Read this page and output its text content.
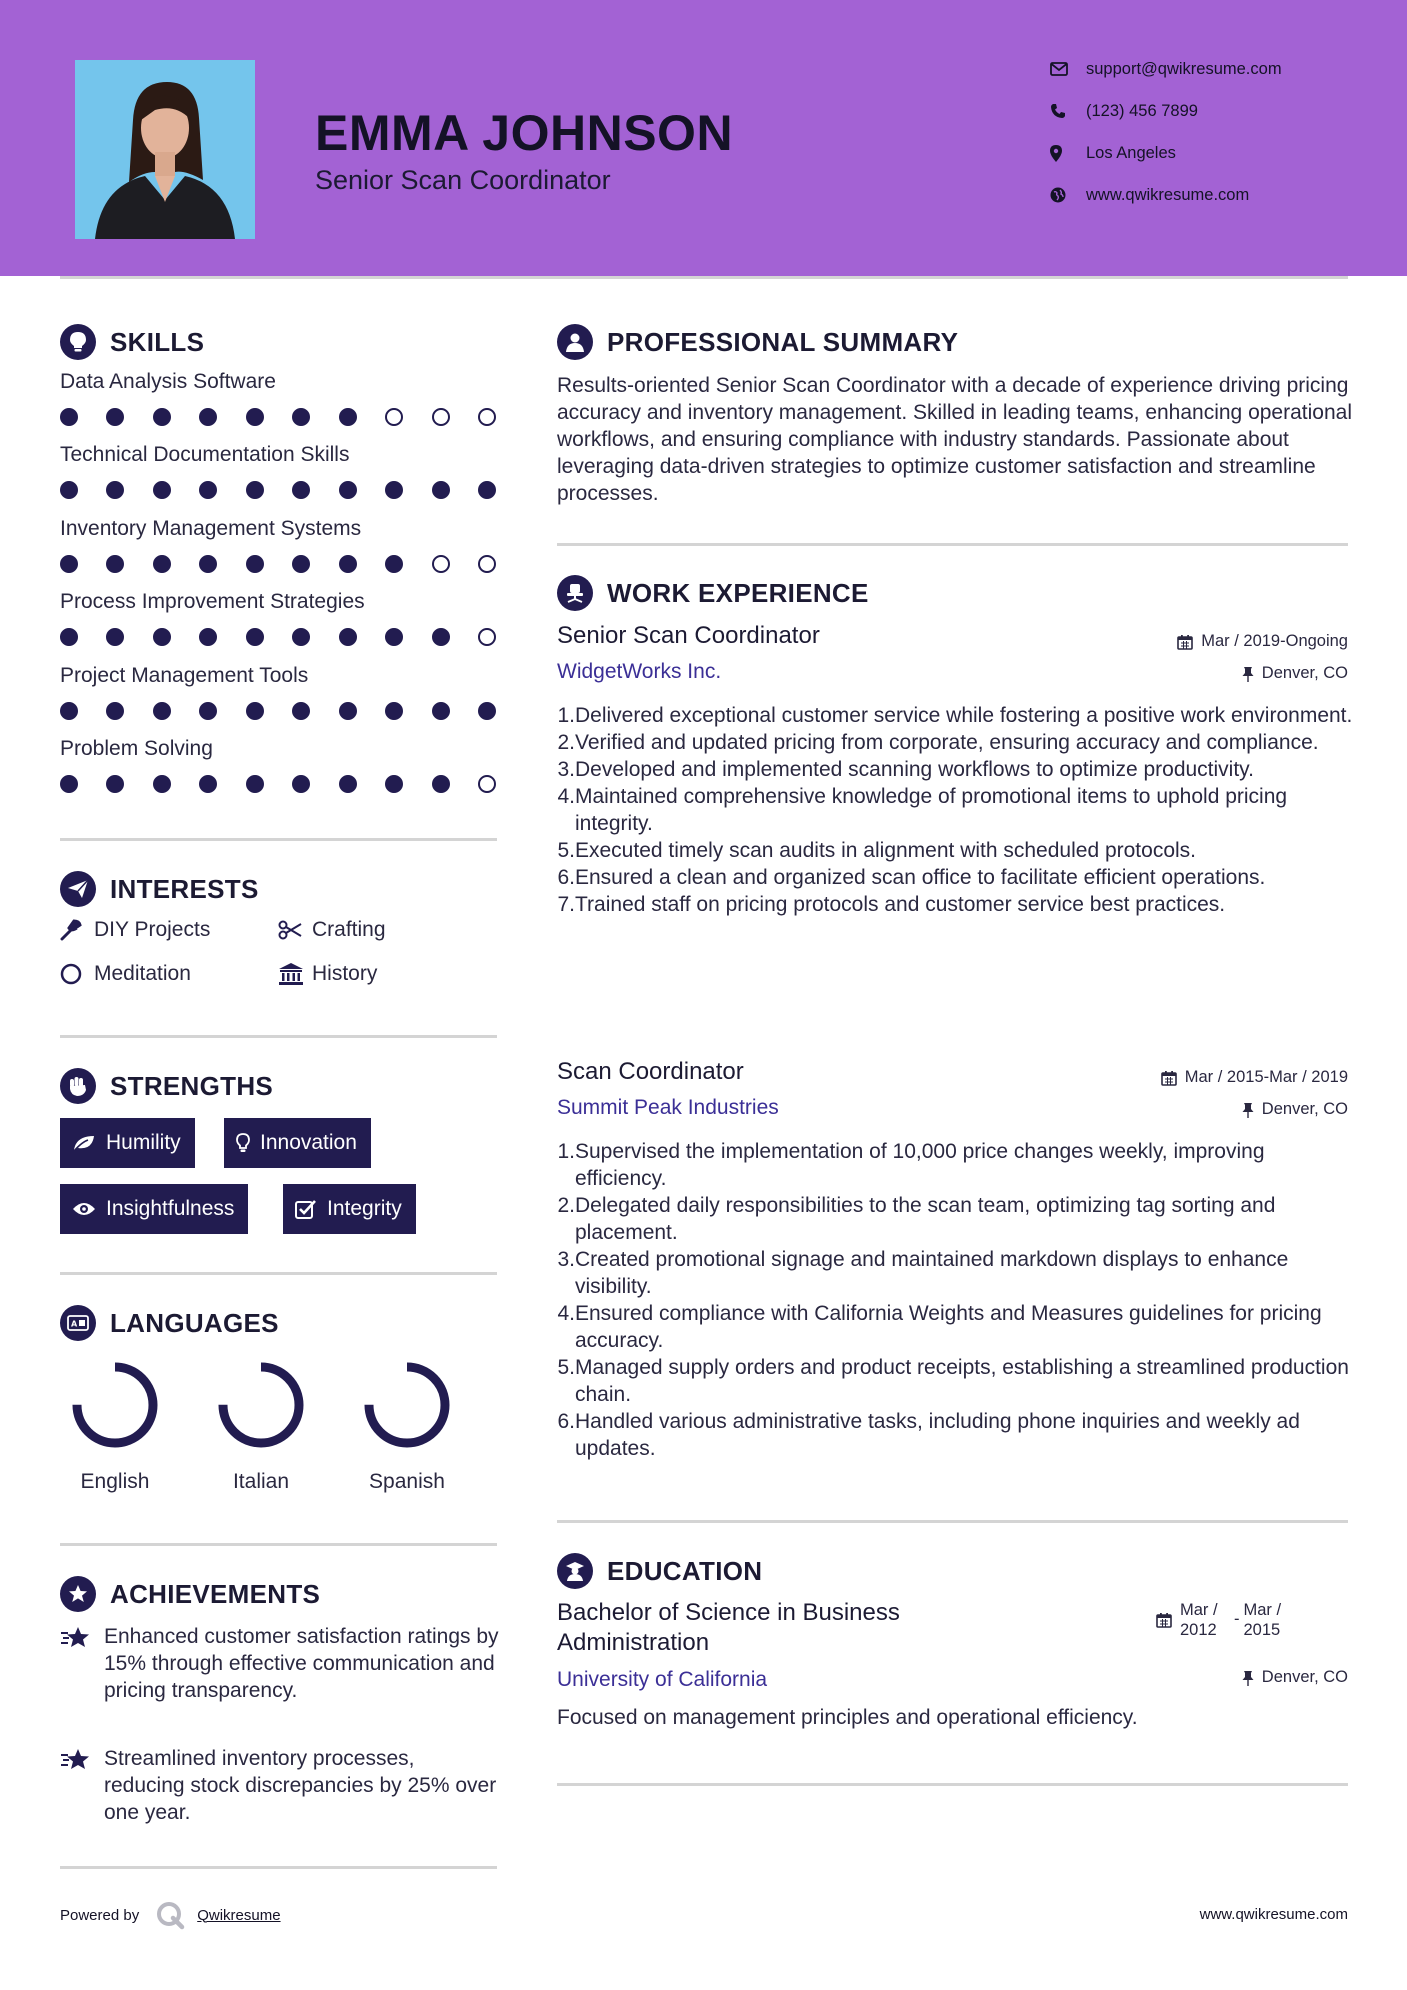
EMMA JOHNSON
Senior Scan Coordinator
support@qwikresume.com
(123) 456 7899
Los Angeles
www.qwikresume.com
SKILLS
Data Analysis Software
Technical Documentation Skills
Inventory Management Systems
Process Improvement Strategies
Project Management Tools
Problem Solving
INTERESTS
DIY Projects	Crafting
Meditation	History
STRENGTHS
Humility	Innovation
Insightfulness	Integrity
A LANGUAGES
English	Italian	Spanish
ACHIEVEMENTS
Enhanced customer satisfaction ratings by 15% through effective communication and pricing transparency.
Streamlined inventory processes, reducing stock discrepancies by 25% over one year.
PROFESSIONAL SUMMARY
Results-oriented Senior Scan Coordinator with a decade of experience driving pricing accuracy and inventory management. Skilled in leading teams, enhancing operational workflows, and ensuring compliance with industry standards. Passionate about leveraging data-driven strategies to optimize customer satisfaction and streamline processes.
WORK EXPERIENCE
Senior Scan Coordinator
WidgetWorks Inc.
Mar / 2019-Ongoing
Denver, CO
1. Delivered exceptional customer service while fostering a positive work environment.
2. Verified and updated pricing from corporate, ensuring accuracy and compliance.
3. Developed and implemented scanning workflows to optimize productivity.
4. Maintained comprehensive knowledge of promotional items to uphold pricing integrity.
5. Executed timely scan audits in alignment with scheduled protocols.
6. Ensured a clean and organized scan office to facilitate efficient operations.
7. Trained staff on pricing protocols and customer service best practices.
Scan Coordinator
Summit Peak Industries
Mar / 2015-Mar / 2019
Denver, CO
1. Supervised the implementation of 10,000 price changes weekly, improving efficiency.
2. Delegated daily responsibilities to the scan team, optimizing tag sorting and placement.
3. Created promotional signage and maintained markdown displays to enhance visibility.
4. Ensured compliance with California Weights and Measures guidelines for pricing accuracy.
5. Managed supply orders and product receipts, establishing a streamlined production chain.
6. Handled various administrative tasks, including phone inquiries and weekly ad updates.
EDUCATION
Bachelor of Science in Business Administration
University of California
Mar / 2012
- Mar / 2015
Denver, CO
Focused on management principles and operational efficiency.
Powered by	Qwikresume	www.qwikresume.com
